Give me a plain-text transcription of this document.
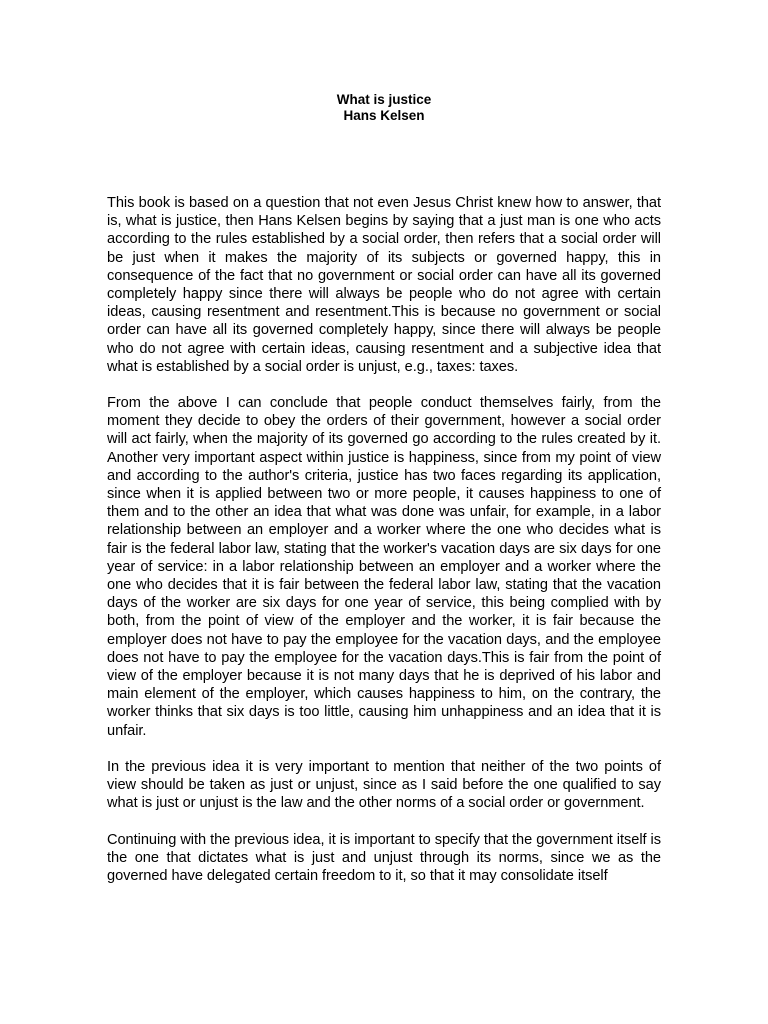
What is justice
Hans Kelsen

This book is based on a question that not even Jesus Christ knew how to answer, that is, what is justice, then Hans Kelsen begins by saying that a just man is one who acts according to the rules established by a social order, then refers that a social order will be just when it makes the majority of its subjects or governed happy, this in consequence of the fact that no government or social order can have all its governed completely happy since there will always be people who do not agree with certain ideas, causing resentment and resentment.This is because no government or social order can have all its governed completely happy, since there will always be people who do not agree with certain ideas, causing resentment and a subjective idea that what is established by a social order is unjust, e.g., taxes: taxes.

From the above I can conclude that people conduct themselves fairly, from the moment they decide to obey the orders of their government, however a social order will act fairly, when the majority of its governed go according to the rules created by it. Another very important aspect within justice is happiness, since from my point of view and according to the author's criteria, justice has two faces regarding its application, since when it is applied between two or more people, it causes happiness to one of them and to the other an idea that what was done was unfair, for example, in a labor relationship between an employer and a worker where the one who decides what is fair is the federal labor law, stating that the worker's vacation days are six days for one year of service: in a labor relationship between an employer and a worker where the one who decides that it is fair between the federal labor law, stating that the vacation days of the worker are six days for one year of service, this being complied with by both, from the point of view of the employer and the worker, it is fair because the employer does not have to pay the employee for the vacation days, and the employee does not have to pay the employee for the vacation days.This is fair from the point of view of the employer because it is not many days that he is deprived of his labor and main element of the employer, which causes happiness to him, on the contrary, the worker thinks that six days is too little, causing him unhappiness and an idea that it is unfair.

In the previous idea it is very important to mention that neither of the two points of view should be taken as just or unjust, since as I said before the one qualified to say what is just or unjust is the law and the other norms of a social order or government.

Continuing with the previous idea, it is important to specify that the government itself is the one that dictates what is just and unjust through its norms, since we as the governed have delegated certain freedom to it, so that it may consolidate itself
